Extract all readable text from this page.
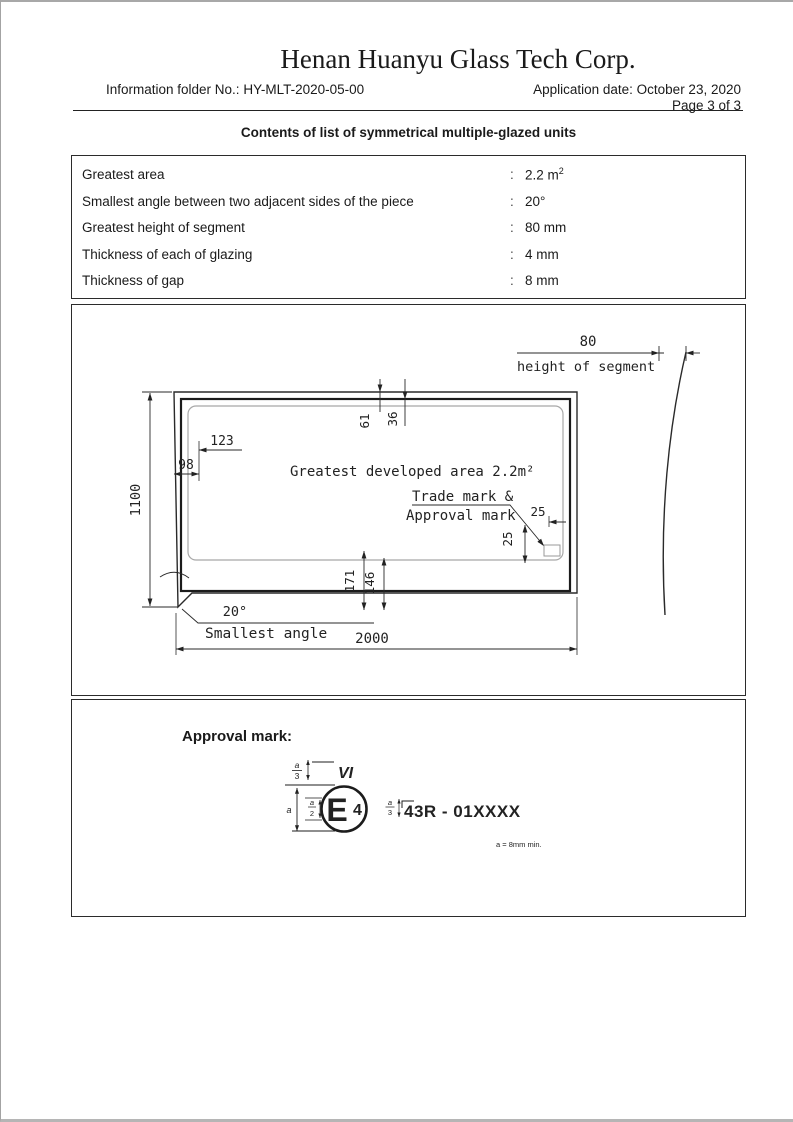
Henan Huanyu Glass Tech Corp.
Information folder No.: HY-MLT-2020-05-00	Application date: October 23, 2020
Page 3 of 3
Contents of list of symmetrical multiple-glazed units
Greatest area	: 2.2 $m^2$
Smallest angle between two adjacent sides of the piece	: 20°
Greatest height of segment	: 80 mm
Thickness of each of glazing	: 4 mm
Thickness of gap	: 8 mm
80
height of segment
1100
61 36
123
98	Greatest developed area 2.2m²
Trade mark &
Approval mark 25
25
171 146
20°
Smallest angle 2000
Approval mark:
E 4
VI
a
3
a
a
2
a
3 43R - 01XXXX
a = 8mm min.
